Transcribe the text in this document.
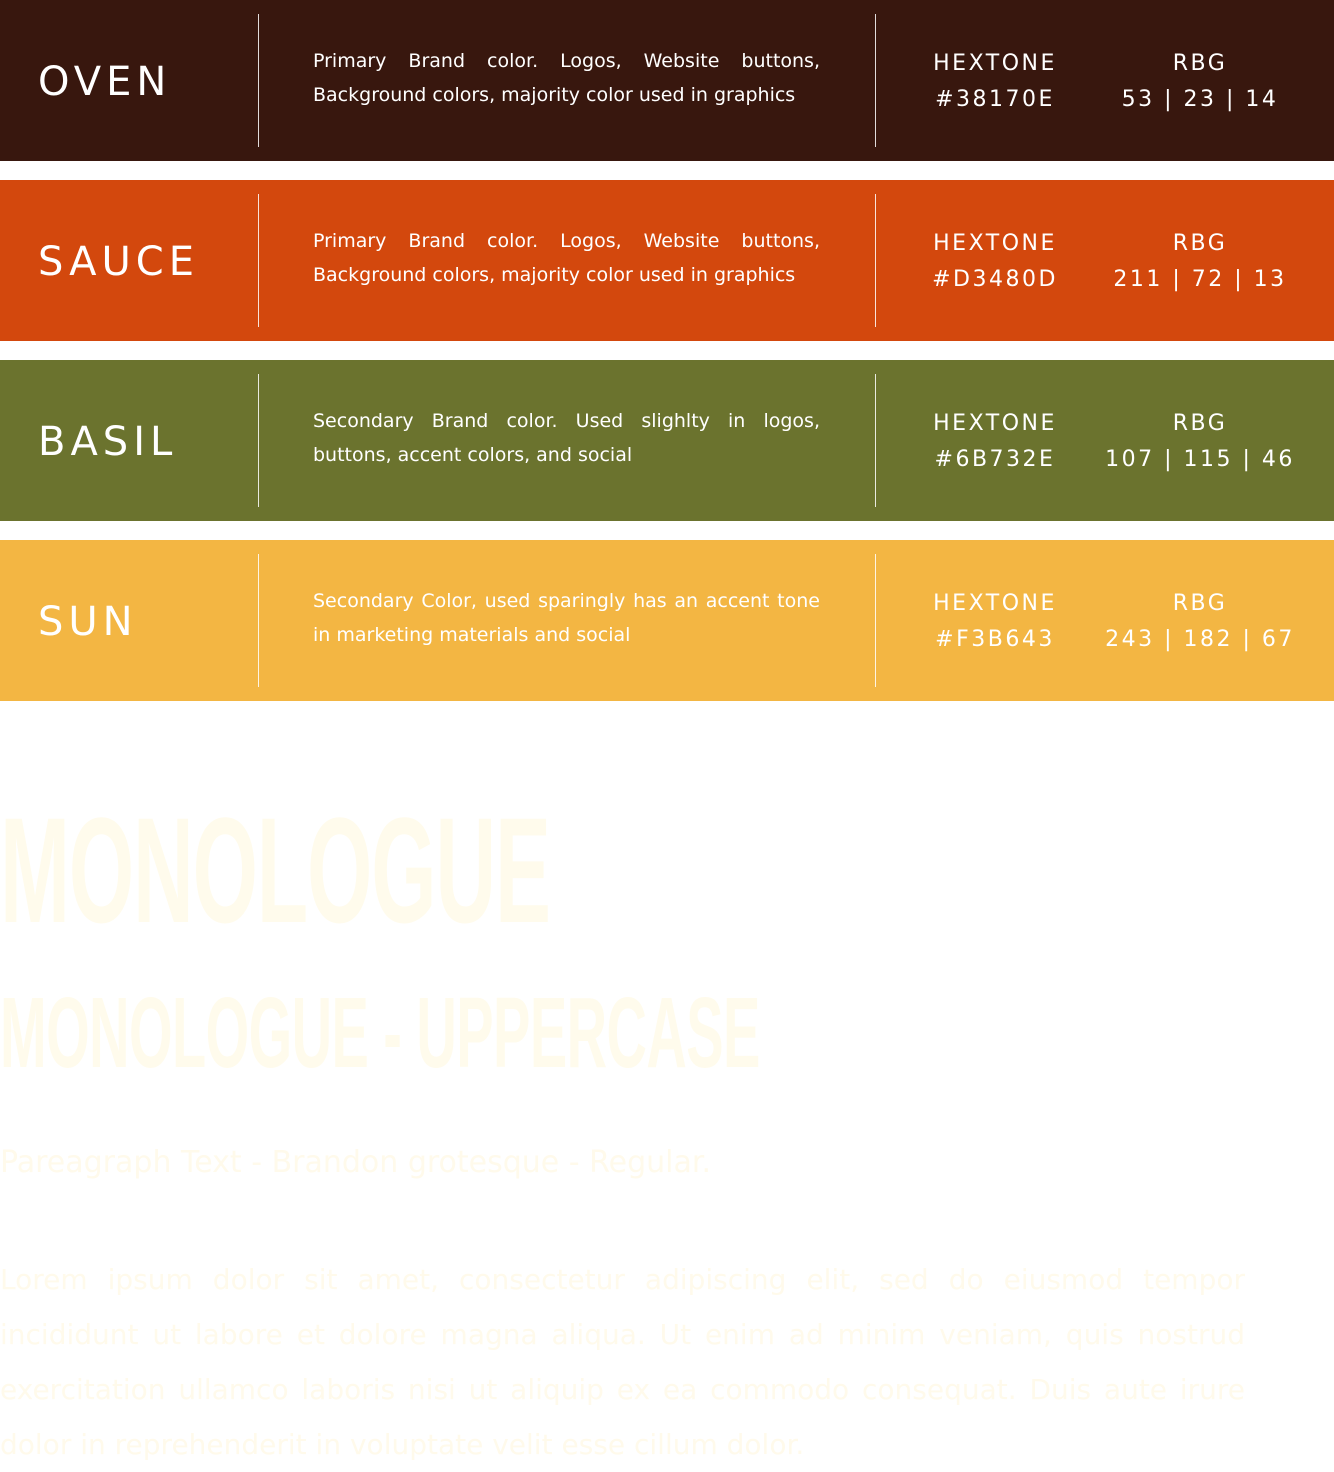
OVEN	Primary Brand color. Logos, Website buttons, Background colors, majority color used in graphics
HEXTONE
#38170E
RBG
53 | 23 | 14
SAUCE	Primary Brand color. Logos, Website buttons, Background colors, majority color used in graphics
HEXTONE
#D3480D
RBG
211 | 72 | 13
BASIL	Secondary Brand color. Used slighlty in logos, buttons, accent colors, and social
HEXTONE
#6B732E
RBG
107 | 115 | 46
SUN	Secondary Color, used sparingly has an accent tone in marketing materials and social
HEXTONE
#F3B643
RBG
243 | 182 | 67
MONOLOGUE
MONOLOGUE - UPPERCASE
Pareagraph Text - Brandon grotesque - Regular.
Lorem ipsum dolor sit amet, consectetur adipiscing elit, sed do eiusmod tempor incididunt ut labore et dolore magna aliqua. Ut enim ad minim veniam, quis nostrud exercitation ullamco laboris nisi ut aliquip ex ea commodo consequat. Duis aute irure dolor in reprehenderit in voluptate velit esse cillum dolor.
